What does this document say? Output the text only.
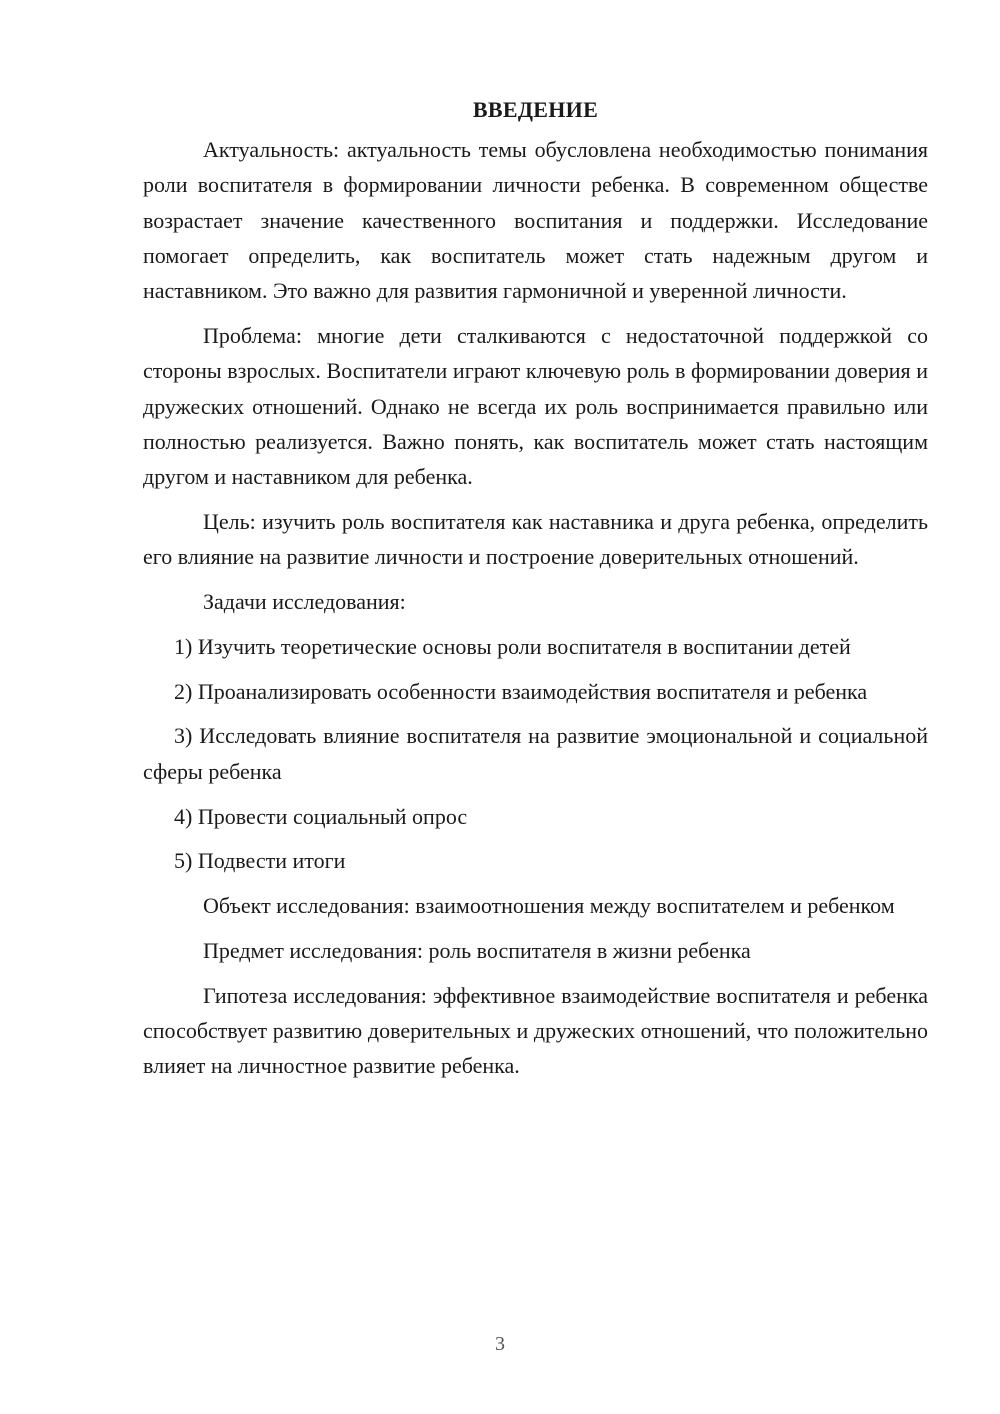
ВВЕДЕНИЕ

Актуальность: актуальность темы обусловлена необходимостью понимания роли воспитателя в формировании личности ребенка. В современном обществе возрастает значение качественного воспитания и поддержки. Исследование помогает определить, как воспитатель может стать надежным другом и наставником. Это важно для развития гармоничной и уверенной личности.

Проблема: многие дети сталкиваются с недостаточной поддержкой со стороны взрослых. Воспитатели играют ключевую роль в формировании доверия и дружеских отношений. Однако не всегда их роль воспринимается правильно или полностью реализуется. Важно понять, как воспитатель может стать настоящим другом и наставником для ребенка.

Цель: изучить роль воспитателя как наставника и друга ребенка, определить его влияние на развитие личности и построение доверительных отношений.

Задачи исследования:

1) Изучить теоретические основы роли воспитателя в воспитании детей

2) Проанализировать особенности взаимодействия воспитателя и ребенка

3) Исследовать влияние воспитателя на развитие эмоциональной и социальной сферы ребенка

4) Провести социальный опрос

5) Подвести итоги

Объект исследования: взаимоотношения между воспитателем и ребенком

Предмет исследования: роль воспитателя в жизни ребенка

Гипотеза исследования: эффективное взаимодействие воспитателя и ребенка способствует развитию доверительных и дружеских отношений, что положительно влияет на личностное развитие ребенка.

3
